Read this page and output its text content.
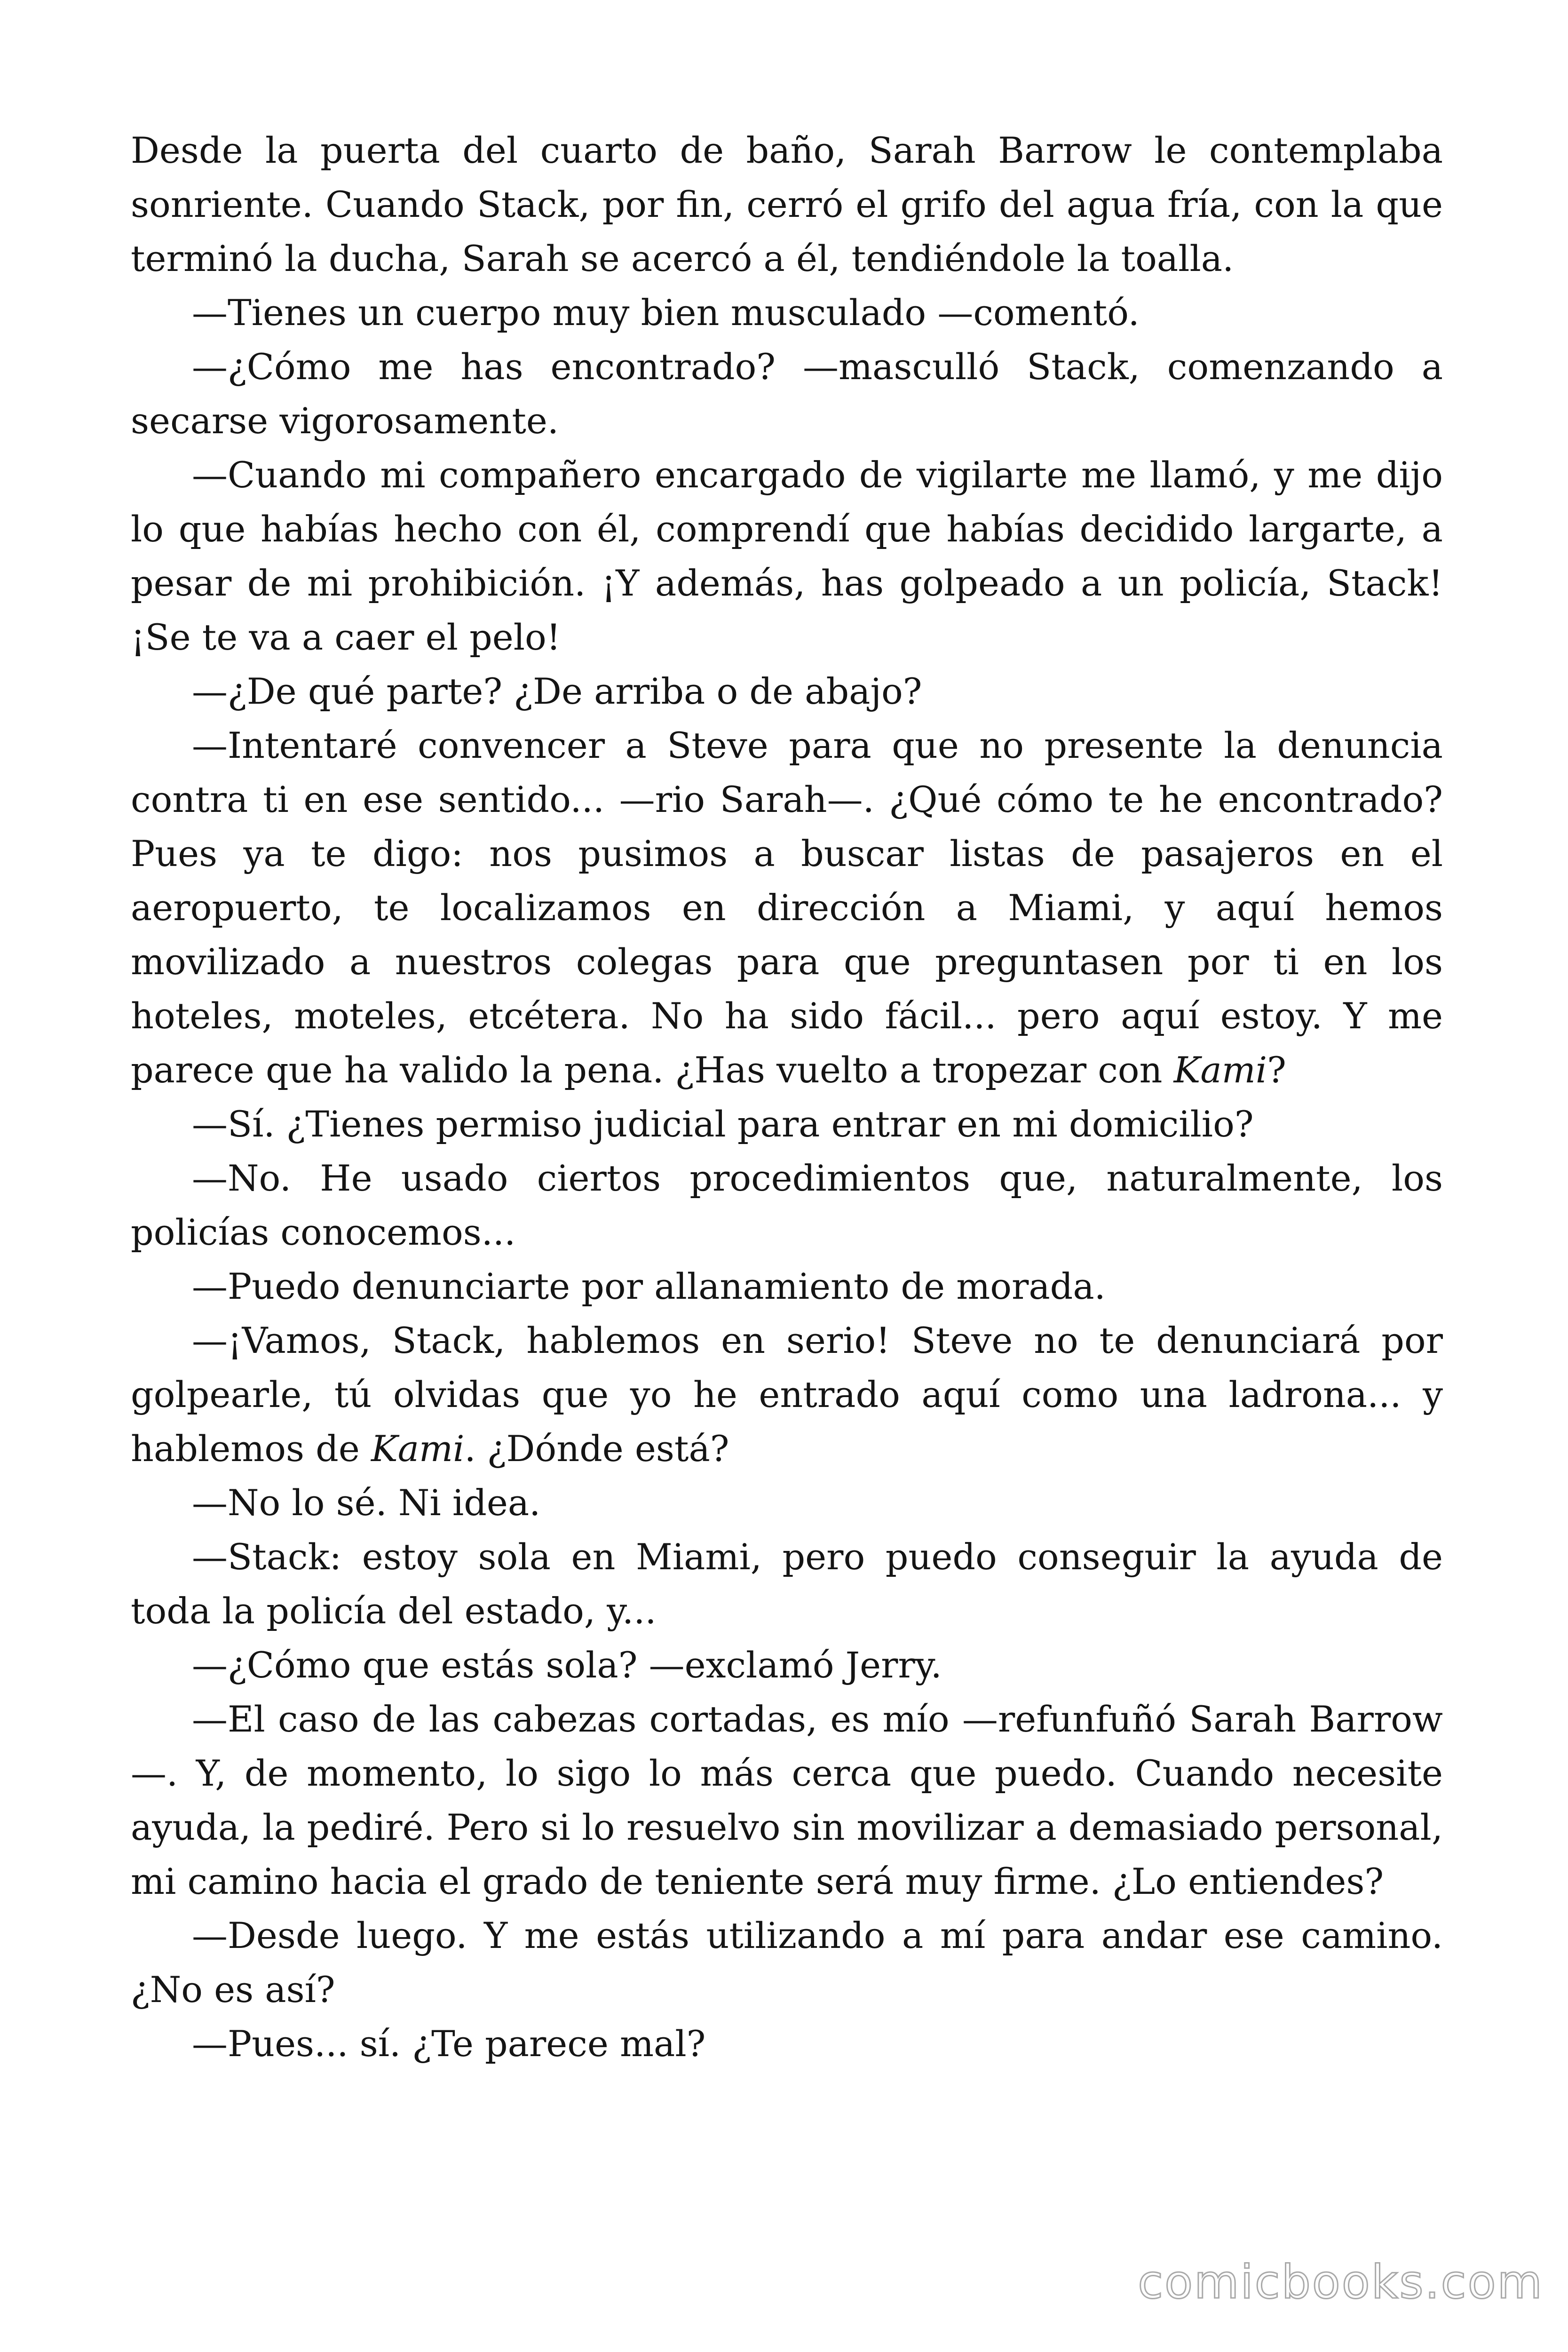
Desde la puerta del cuarto de baño, Sarah Barrow le contemplaba sonriente. Cuando Stack, por fin, cerró el grifo del agua fría, con la que terminó la ducha, Sarah se acercó a él, tendiéndole la toalla.

—Tienes un cuerpo muy bien musculado —comentó.

—¿Cómo me has encontrado? —masculló Stack, comenzando a secarse vigorosamente.

—Cuando mi compañero encargado de vigilarte me llamó, y me dijo lo que habías hecho con él, comprendí que habías decidido largarte, a pesar de mi prohibición. ¡Y además, has golpeado a un policía, Stack! ¡Se te va a caer el pelo!

—¿De qué parte? ¿De arriba o de abajo?

—Intentaré convencer a Steve para que no presente la denuncia contra ti en ese sentido... —rio Sarah—. ¿Qué cómo te he encontrado? Pues ya te digo: nos pusimos a buscar listas de pasajeros en el aeropuerto, te localizamos en dirección a Miami, y aquí hemos movilizado a nuestros colegas para que preguntasen por ti en los hoteles, moteles, etcétera. No ha sido fácil... pero aquí estoy. Y me parece que ha valido la pena. ¿Has vuelto a tropezar con Kami?

—Sí. ¿Tienes permiso judicial para entrar en mi domicilio?

—No. He usado ciertos procedimientos que, naturalmente, los policías conocemos...

—Puedo denunciarte por allanamiento de morada.

—¡Vamos, Stack, hablemos en serio! Steve no te denunciará por golpearle, tú olvidas que yo he entrado aquí como una ladrona... y hablemos de Kami. ¿Dónde está?

—No lo sé. Ni idea.

—Stack: estoy sola en Miami, pero puedo conseguir la ayuda de toda la policía del estado, y...

—¿Cómo que estás sola? —exclamó Jerry.

—El caso de las cabezas cortadas, es mío —refunfuñó Sarah Barrow—. Y, de momento, lo sigo lo más cerca que puedo. Cuando necesite ayuda, la pediré. Pero si lo resuelvo sin movilizar a demasiado personal, mi camino hacia el grado de teniente será muy firme. ¿Lo entiendes?

—Desde luego. Y me estás utilizando a mí para andar ese camino. ¿No es así?

—Pues... sí. ¿Te parece mal?

comicbooks.com
